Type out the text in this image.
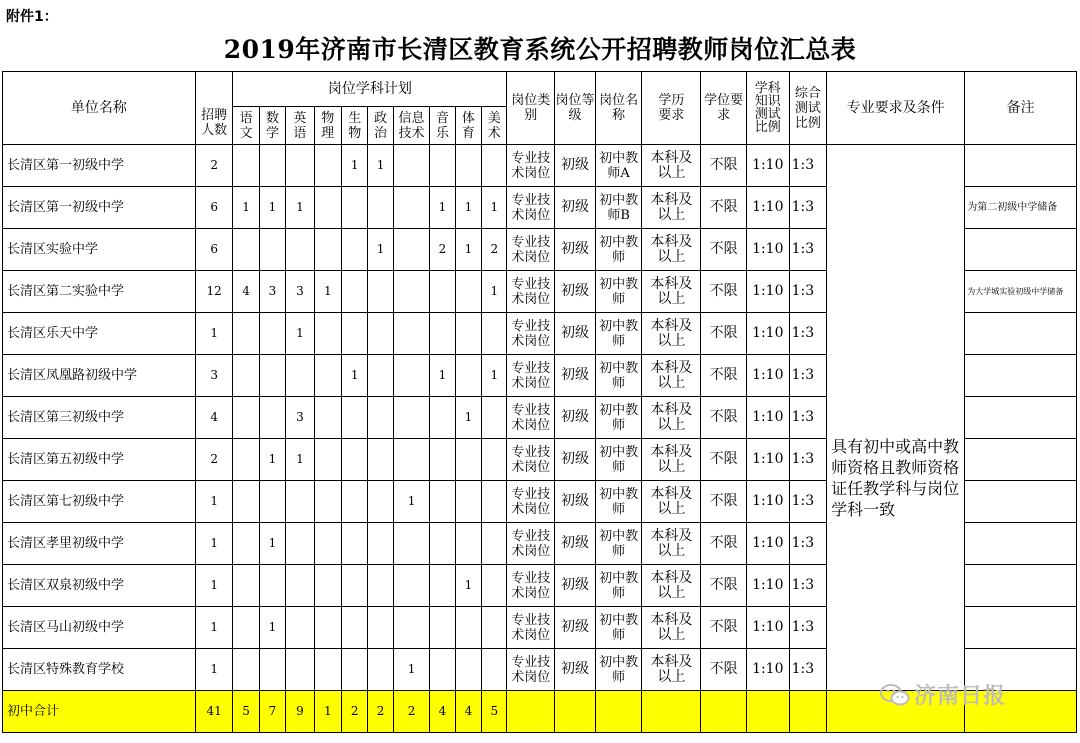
附件1：
2019年济南市长清区教育系统公开招聘教师岗位汇总表
单位名称	招聘人数	岗位学科计划										岗位类别	岗位等级	岗位名称	学历要求	学位要求	学科知识测试比例	综合测试比例	专业要求及条件	备注
		语文	数学	英语	物理	生物	政治	信息技术	音乐	体育	美术									
长清区第一初级中学	2					1	1					专业技术岗位	初级	初中教师A	本科及以上	不限	1:10	1:3	具有初中或高中教师资格且教师资格证任教学科与岗位学科一致	
长清区第一初级中学	6	1	1	1					1	1	1	专业技术岗位	初级	初中教师B	本科及以上	不限	1:10	1:3		为第二初级中学储备
长清区实验中学	6						1		2	1	2	专业技术岗位	初级	初中教师	本科及以上	不限	1:10	1:3		
长清区第二实验中学	12	4	3	3	1						1	专业技术岗位	初级	初中教师	本科及以上	不限	1:10	1:3		为大学城实验初级中学储备
长清区乐天中学	1			1								专业技术岗位	初级	初中教师	本科及以上	不限	1:10	1:3		
长清区凤凰路初级中学	3					1			1		1	专业技术岗位	初级	初中教师	本科及以上	不限	1:10	1:3		
长清区第三初级中学	4			3						1		专业技术岗位	初级	初中教师	本科及以上	不限	1:10	1:3		
长清区第五初级中学	2		1	1								专业技术岗位	初级	初中教师	本科及以上	不限	1:10	1:3		
长清区第七初级中学	1							1				专业技术岗位	初级	初中教师	本科及以上	不限	1:10	1:3		
长清区孝里初级中学	1		1									专业技术岗位	初级	初中教师	本科及以上	不限	1:10	1:3		
长清区双泉初级中学	1									1		专业技术岗位	初级	初中教师	本科及以上	不限	1:10	1:3		
长清区马山初级中学	1		1									专业技术岗位	初级	初中教师	本科及以上	不限	1:10	1:3		
长清区特殊教育学校	1							1				专业技术岗位	初级	初中教师	本科及以上	不限	1:10	1:3		
初中合计	41	5	7	9	1	2	2	2	4	4	5									
济南日报
